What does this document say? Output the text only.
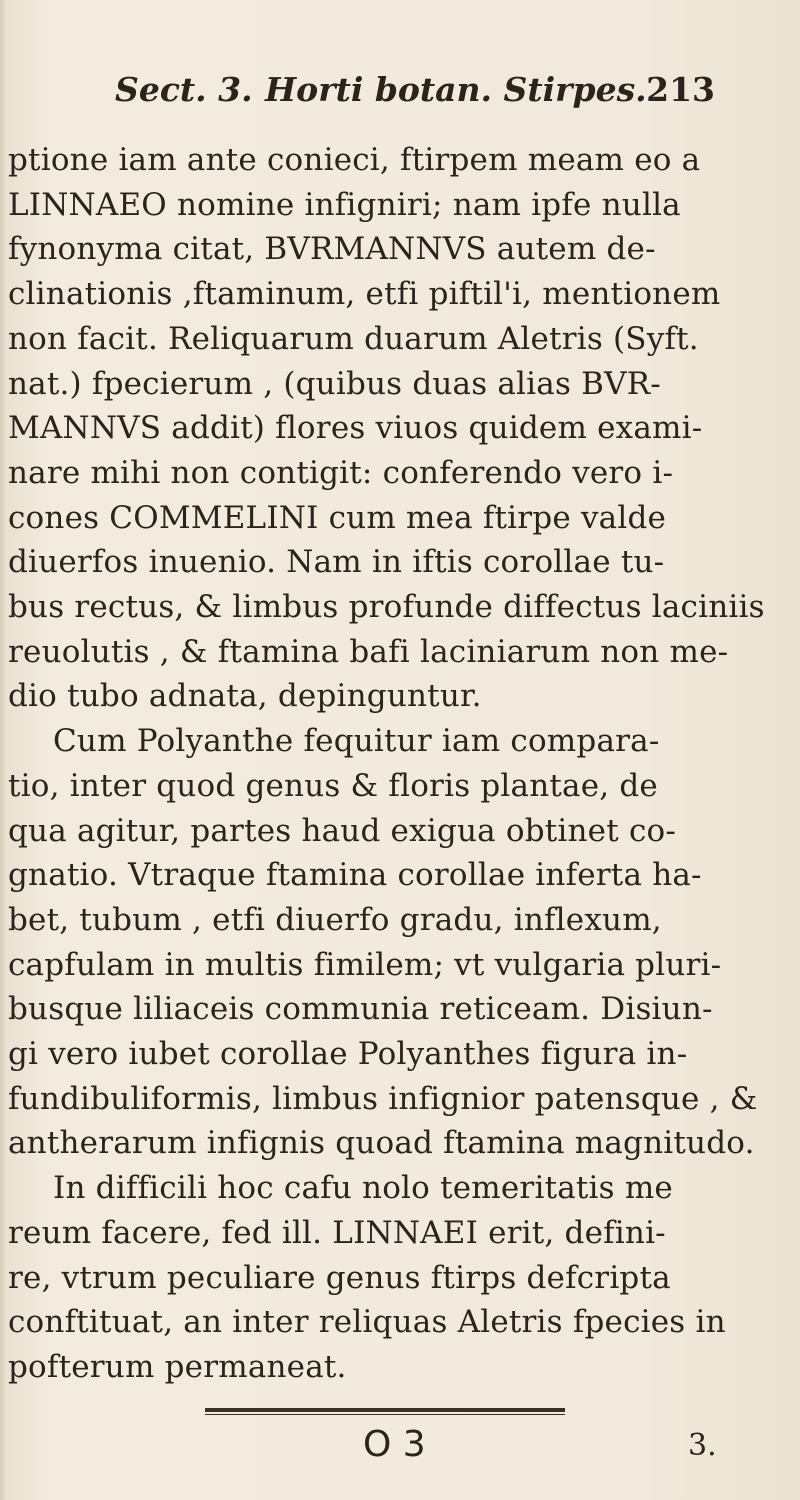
Sect. 3. Horti botan. Stirpes. 213
ptione iam ante conieci, ftirpem meam eo a
LINNAEO nomine infigniri; nam ipfe nulla
fynonyma citat, BVRMANNVS autem de-
clinationis ,ftaminum, etfi piftil'i, mentionem
non facit. Reliquarum duarum Aletris (Syft.
nat.) fpecierum , (quibus duas alias BVR-
MANNVS addit) flores viuos quidem exami-
nare mihi non contigit: conferendo vero i-
cones COMMELINI cum mea ftirpe valde
diuerfos inuenio. Nam in iftis corollae tu-
bus rectus, & limbus profunde diffectus laciniis
reuolutis , & ftamina bafi laciniarum non me-
dio tubo adnata, depinguntur.
Cum Polyanthe fequitur iam compara-
tio, inter quod genus & floris plantae, de
qua agitur, partes haud exigua obtinet co-
gnatio. Vtraque ftamina corollae inferta ha-
bet, tubum , etfi diuerfo gradu, inflexum,
capfulam in multis fimilem; vt vulgaria pluri-
busque liliaceis communia reticeam. Disiun-
gi vero iubet corollae Polyanthes figura in-
fundibuliformis, limbus infignior patensque , &
antherarum infignis quoad ftamina magnitudo.
In difficili hoc cafu nolo temeritatis me
reum facere, fed ill. LINNAEI erit, defini-
re, vtrum peculiare genus ftirps defcripta
conftituat, an inter reliquas Aletris fpecies in
pofterum permaneat.
O 3	3.
